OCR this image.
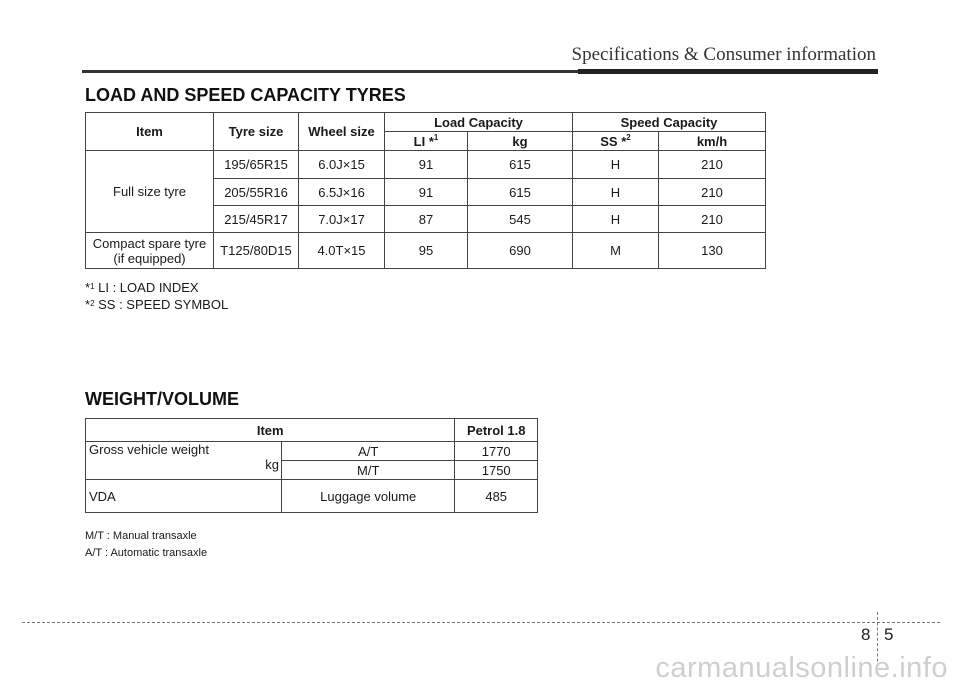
Specifications & Consumer information
LOAD AND SPEED CAPACITY TYRES
Item	Tyre size	Wheel size	Load Capacity		Speed Capacity	
			LI *$^1$	kg	SS *$^2$	km/h
Full size tyre	195/65R15	6.0J×15	91	615	H	210
	205/55R16	6.5J×16	91	615	H	210
	215/45R17	7.0J×17	87	545	H	210
Compact spare tyre
(if equipped)	T125/80D15	4.0T×15	95	690	M	130
*$^1$ LI : LOAD INDEX
*$^2$ SS : SPEED SYMBOL
WEIGHT/VOLUME
Item		Petrol 1.8
Gross vehicle weight
kg	A/T	1770
	M/T	1750
VDA	Luggage volume	485
M/T : Manual transaxle
A/T : Automatic transaxle
8 5
carmanualsonline.info
